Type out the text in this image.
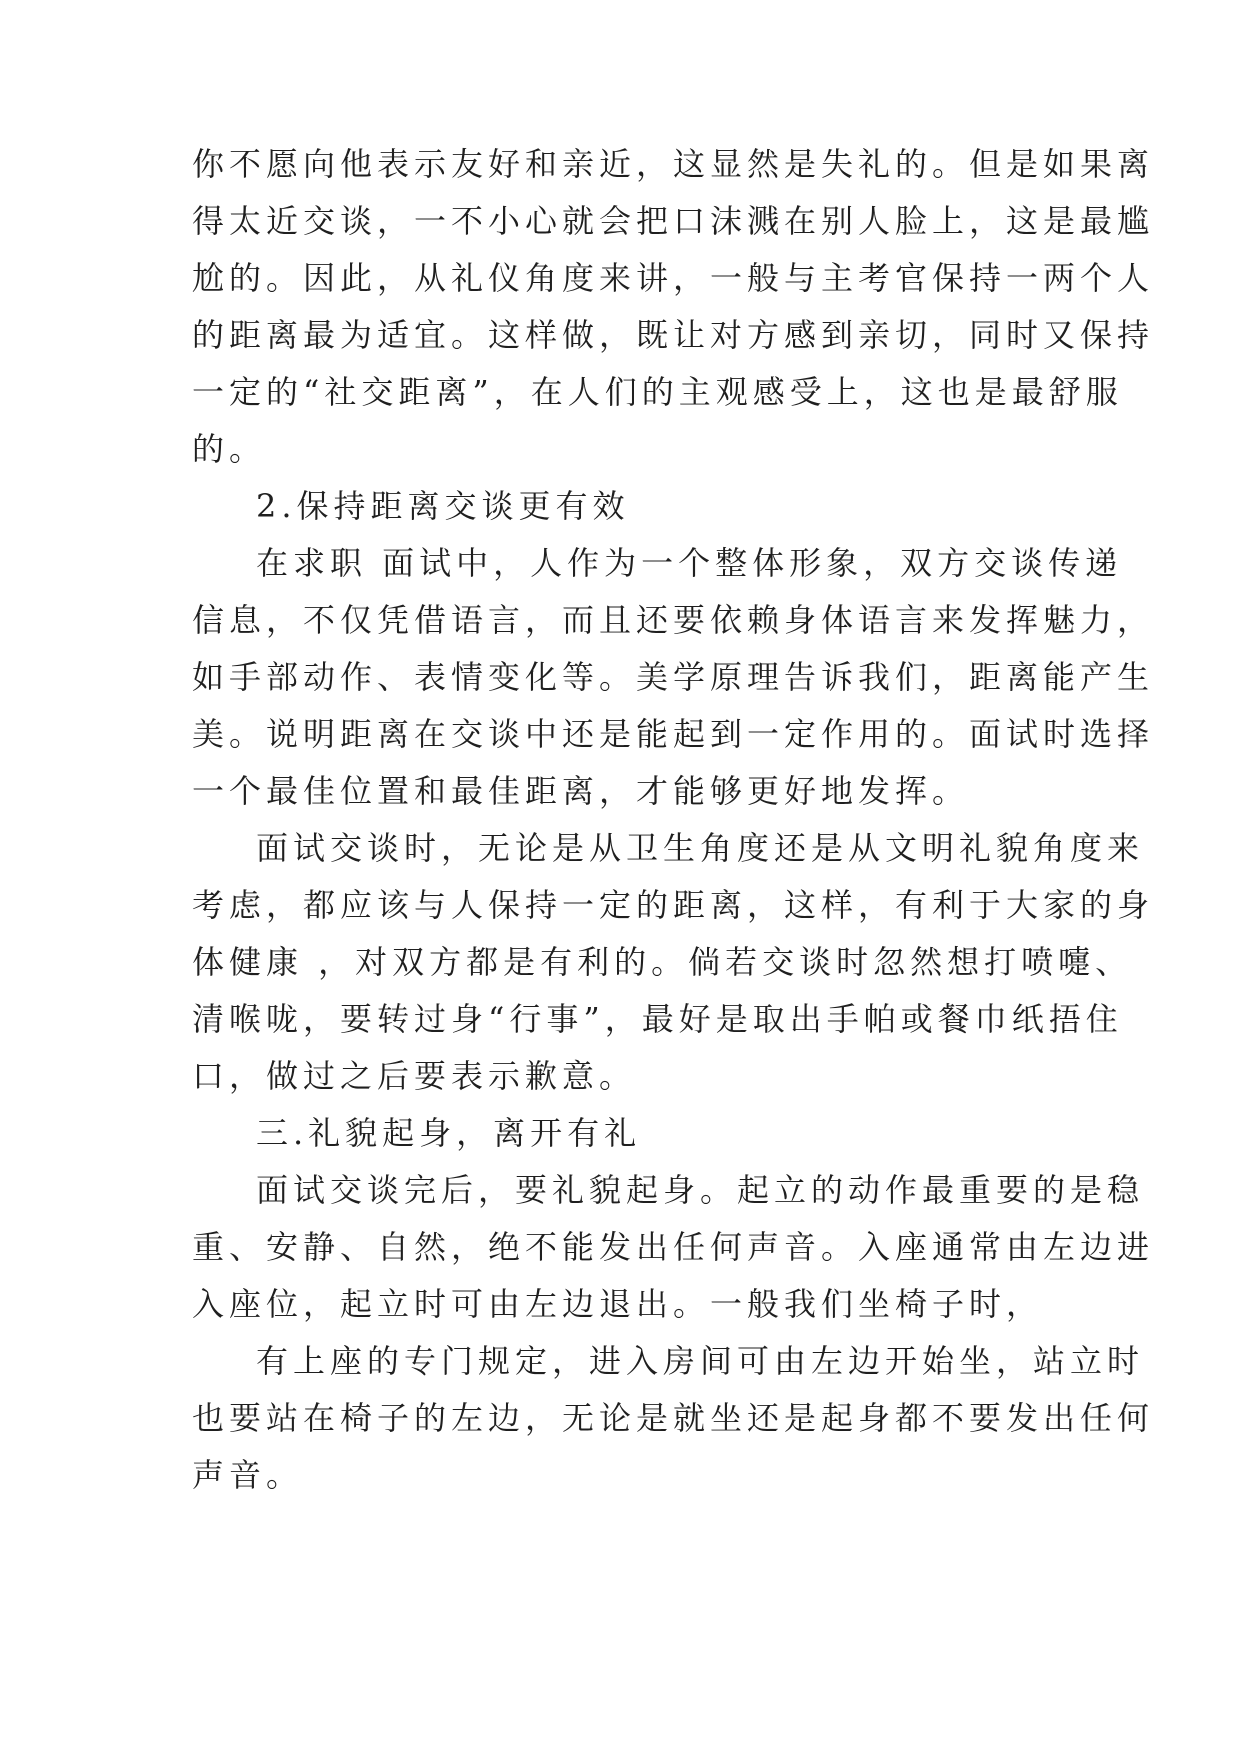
你不愿向他表示友好和亲近，这显然是失礼的。但是如果离
得太近交谈，一不小心就会把口沫溅在别人脸上，这是最尴
尬的。因此，从礼仪角度来讲，一般与主考官保持一两个人
的距离最为适宜。这样做，既让对方感到亲切，同时又保持
一定的“社交距离”，在人们的主观感受上，这也是最舒服
的。
2.保持距离交谈更有效
在求职 面试中，人作为一个整体形象，双方交谈传递
信息，不仅凭借语言，而且还要依赖身体语言来发挥魅力，
如手部动作、表情变化等。美学原理告诉我们，距离能产生
美。说明距离在交谈中还是能起到一定作用的。面试时选择
一个最佳位置和最佳距离，才能够更好地发挥。
面试交谈时，无论是从卫生角度还是从文明礼貌角度来
考虑，都应该与人保持一定的距离，这样，有利于大家的身
体健康 ，对双方都是有利的。倘若交谈时忽然想打喷嚏、
清喉咙，要转过身“行事”，最好是取出手帕或餐巾纸捂住
口，做过之后要表示歉意。
三.礼貌起身，离开有礼
面试交谈完后，要礼貌起身。起立的动作最重要的是稳
重、安静、自然，绝不能发出任何声音。入座通常由左边进
入座位，起立时可由左边退出。一般我们坐椅子时，
有上座的专门规定，进入房间可由左边开始坐，站立时
也要站在椅子的左边，无论是就坐还是起身都不要发出任何
声音。
